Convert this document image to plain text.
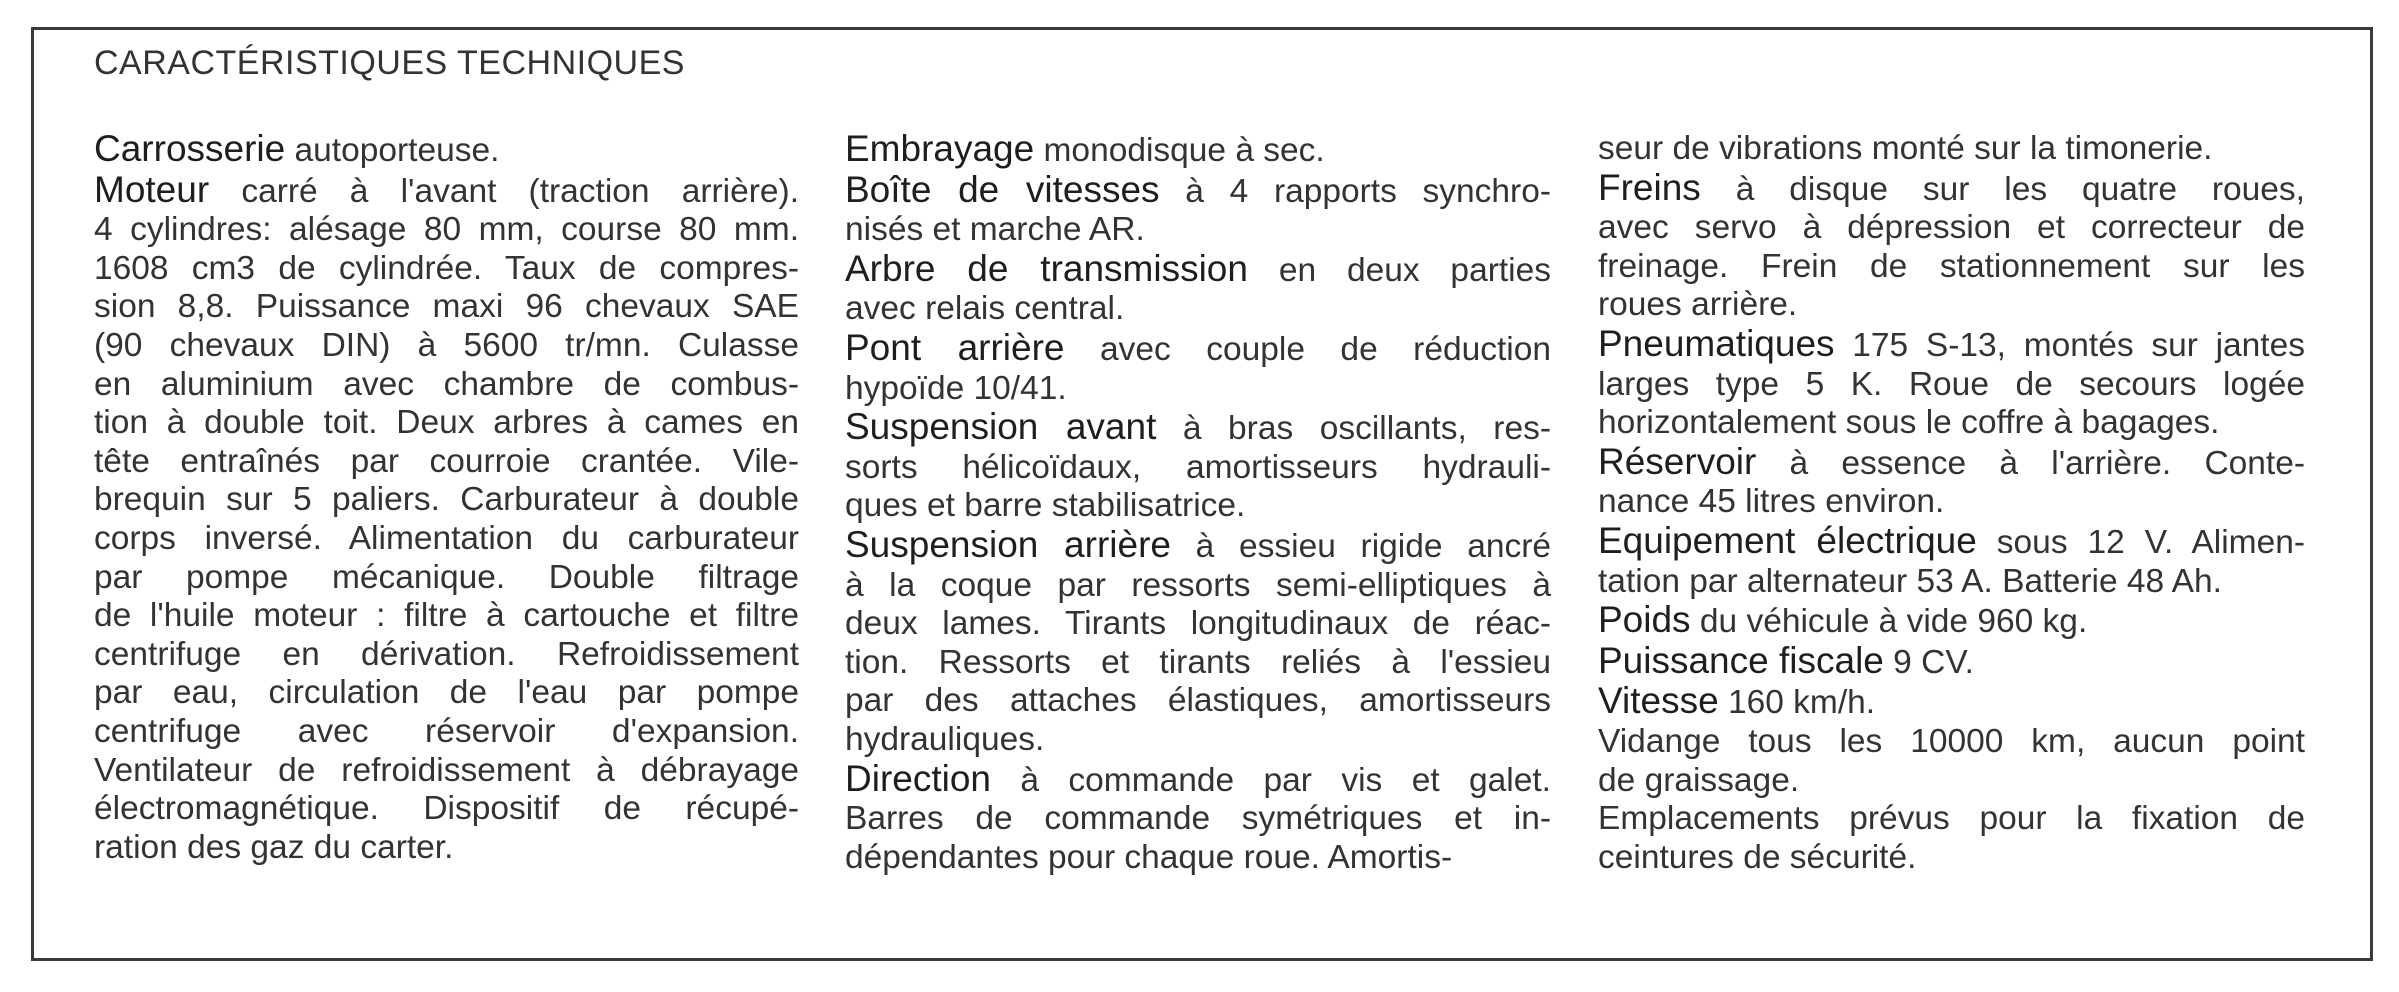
CARACTÉRISTIQUES TECHNIQUES
Carrosserie autoporteuse.
Moteur carré à l'avant (traction arrière).
4 cylindres: alésage 80 mm, course 80 mm.
1608 cm3 de cylindrée. Taux de compres-
sion 8,8. Puissance maxi 96 chevaux SAE
(90 chevaux DIN) à 5600 tr/mn. Culasse
en aluminium avec chambre de combus-
tion à double toit. Deux arbres à cames en
tête entraînés par courroie crantée. Vile-
brequin sur 5 paliers. Carburateur à double
corps inversé. Alimentation du carburateur
par pompe mécanique. Double filtrage
de l'huile moteur : filtre à cartouche et filtre
centrifuge en dérivation. Refroidissement
par eau, circulation de l'eau par pompe
centrifuge avec réservoir d'expansion.
Ventilateur de refroidissement à débrayage
électromagnétique. Dispositif de récupé-
ration des gaz du carter.
Embrayage monodisque à sec.
Boîte de vitesses à 4 rapports synchro-
nisés et marche AR.
Arbre de transmission en deux parties
avec relais central.
Pont arrière avec couple de réduction
hypoïde 10/41.
Suspension avant à bras oscillants, res-
sorts hélicoïdaux, amortisseurs hydrauli-
ques et barre stabilisatrice.
Suspension arrière à essieu rigide ancré
à la coque par ressorts semi-elliptiques à
deux lames. Tirants longitudinaux de réac-
tion. Ressorts et tirants reliés à l'essieu
par des attaches élastiques, amortisseurs
hydrauliques.
Direction à commande par vis et galet.
Barres de commande symétriques et in-
dépendantes pour chaque roue. Amortis-
seur de vibrations monté sur la timonerie.
Freins à disque sur les quatre roues,
avec servo à dépression et correcteur de
freinage. Frein de stationnement sur les
roues arrière.
Pneumatiques 175 S-13, montés sur jantes
larges type 5 K. Roue de secours logée
horizontalement sous le coffre à bagages.
Réservoir à essence à l'arrière. Conte-
nance 45 litres environ.
Equipement électrique sous 12 V. Alimen-
tation par alternateur 53 A. Batterie 48 Ah.
Poids du véhicule à vide 960 kg.
Puissance fiscale 9 CV.
Vitesse 160 km/h.
Vidange tous les 10000 km, aucun point
de graissage.
Emplacements prévus pour la fixation de
ceintures de sécurité.
